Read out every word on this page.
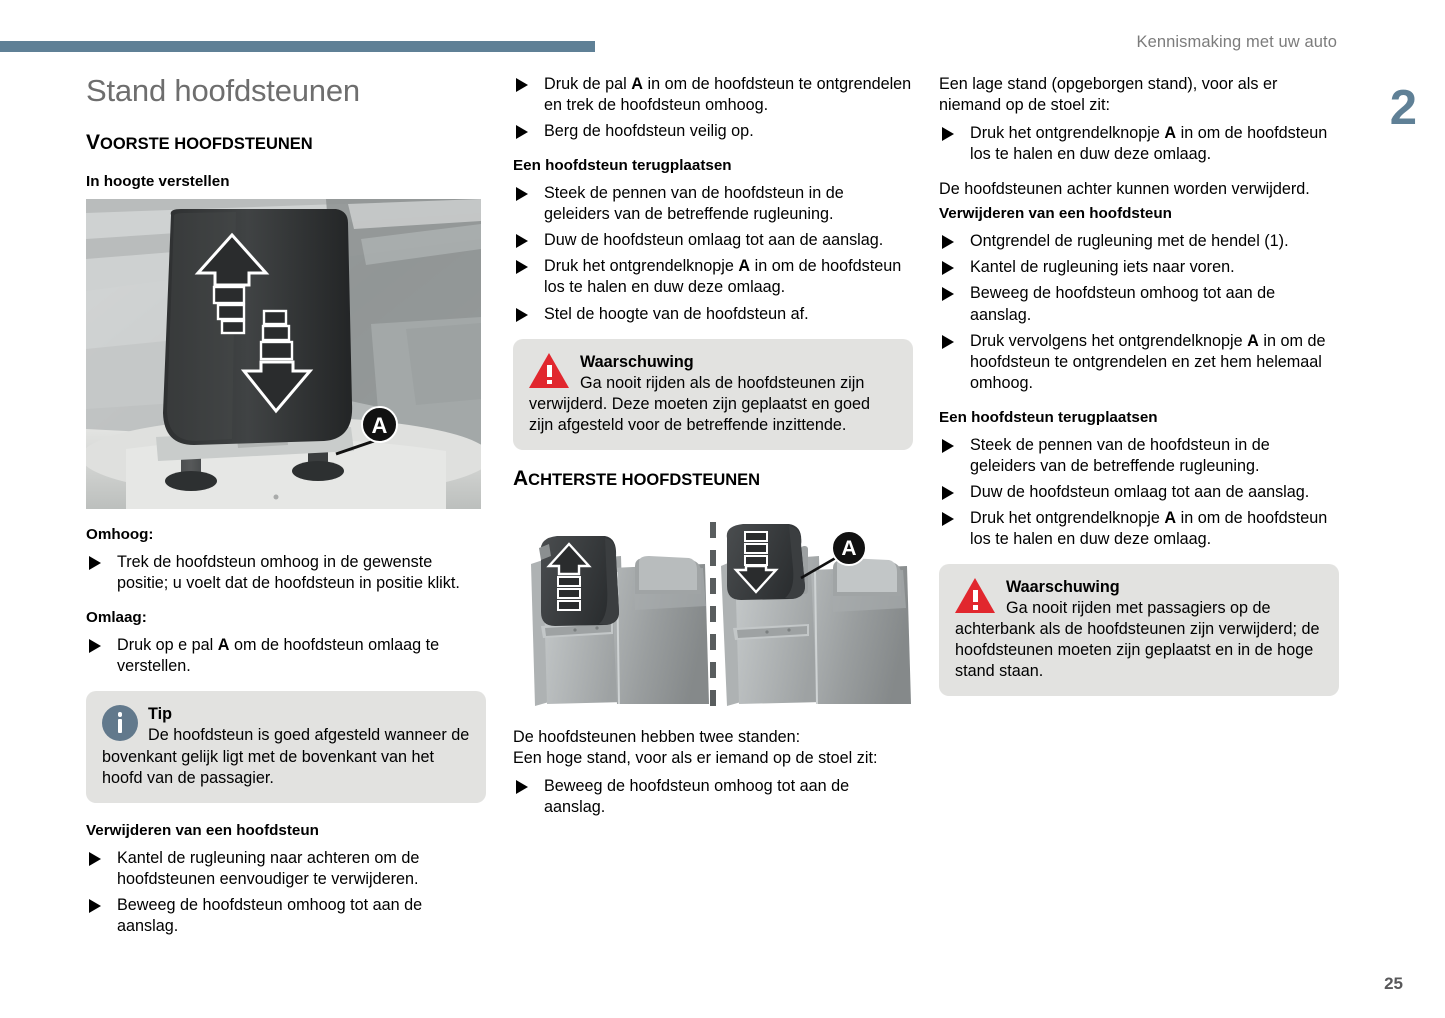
Kennismaking met uw auto
2
25
Stand hoofdsteunen
VOORSTE HOOFDSTEUNEN
In hoogte verstellen
A
Omhoog:
Trek de hoofdsteun omhoog in de gewenste positie; u voelt dat de hoofdsteun in positie klikt.
Omlaag:
Druk op e pal A om de hoofdsteun omlaag te verstellen.
Tip
De hoofdsteun is goed afgesteld wanneer de bovenkant gelijk ligt met de bovenkant van het hoofd van de passagier.
Verwijderen van een hoofdsteun
Kantel de rugleuning naar achteren om de hoofdsteunen eenvoudiger te verwijderen.
Beweeg de hoofdsteun omhoog tot aan de aanslag.
Druk de pal A in om de hoofdsteun te ontgrendelen en trek de hoofdsteun omhoog.
Berg de hoofdsteun veilig op.
Een hoofdsteun terugplaatsen
Steek de pennen van de hoofdsteun in de geleiders van de betreffende rugleuning.
Duw de hoofdsteun omlaag tot aan de aanslag.
Druk het ontgrendelknopje A in om de hoofdsteun los te halen en duw deze omlaag.
Stel de hoogte van de hoofdsteun af.
Waarschuwing
Ga nooit rijden als de hoofdsteunen zijn verwijderd. Deze moeten zijn geplaatst en goed zijn afgesteld voor de betreffende inzittende.
ACHTERSTE HOOFDSTEUNEN
A

De hoofdsteunen hebben twee standen:

Een hoge stand, voor als er iemand op de stoel zit:

Beweeg de hoofdsteun omhoog tot aan de aanslag.

Een lage stand (opgeborgen stand), voor als er niemand op de stoel zit:

Druk het ontgrendelknopje A in om de hoofdsteun los te halen en duw deze omlaag.

De hoofdsteunen achter kunnen worden verwijderd.

Verwijderen van een hoofdsteun
Ontgrendel de rugleuning met de hendel (1).
Kantel de rugleuning iets naar voren.
Beweeg de hoofdsteun omhoog tot aan de aanslag.
Druk vervolgens het ontgrendelknopje A in om de hoofdsteun te ontgrendelen en zet hem helemaal omhoog.
Een hoofdsteun terugplaatsen
Steek de pennen van de hoofdsteun in de geleiders van de betreffende rugleuning.
Duw de hoofdsteun omlaag tot aan de aanslag.
Druk het ontgrendelknopje A in om de hoofdsteun los te halen en duw deze omlaag.
Waarschuwing
Ga nooit rijden met passagiers op de achterbank als de hoofdsteunen zijn verwijderd; de hoofdsteunen moeten zijn geplaatst en in de hoge stand staan.
